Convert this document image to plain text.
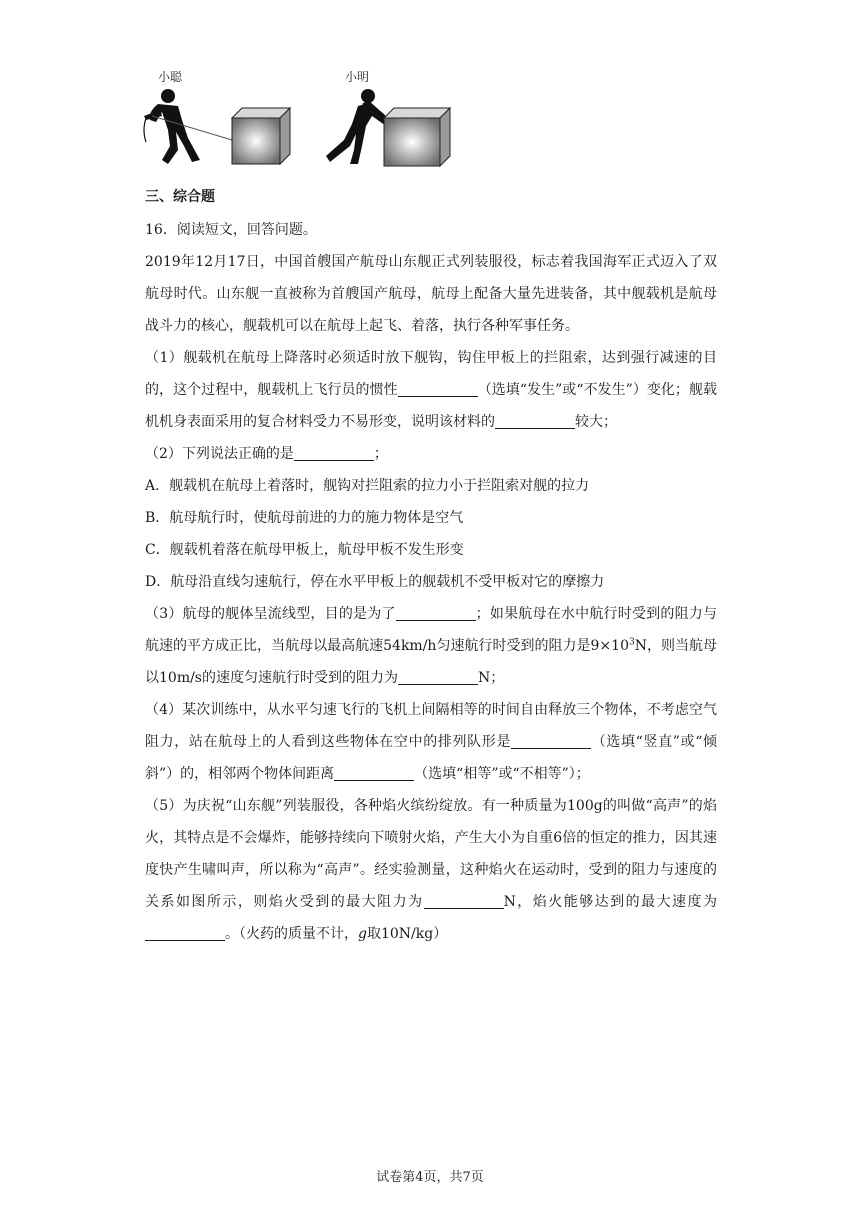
小聪	小明
三、综合题

16．阅读短文，回答问题。

2019年12月17日，中国首艘国产航母山东舰正式列装服役，标志着我国海军正式迈入了双航母时代。山东舰一直被称为首艘国产航母，航母上配备大量先进装备，其中舰载机是航母战斗力的核心，舰载机可以在航母上起飞、着落，执行各种军事任务。

（1）舰载机在航母上降落时必须适时放下舰钩，钩住甲板上的拦阻索，达到强行减速的目的，这个过程中，舰载机上飞行员的惯性	（选填“发生”或“不发生”）变化；舰载机机身表面采用的复合材料受力不易形变，说明该材料的	较大；

（2）下列说法正确的是	；

A．舰载机在航母上着落时，舰钩对拦阻索的拉力小于拦阻索对舰的拉力

B．航母航行时，使航母前进的力的施力物体是空气

C．舰载机着落在航母甲板上，航母甲板不发生形变

D．航母沿直线匀速航行，停在水平甲板上的舰载机不受甲板对它的摩擦力

（3）航母的舰体呈流线型，目的是为了	；如果航母在水中航行时受到的阻力与航速的平方成正比，当航母以最高航速54km/h匀速航行时受到的阻力是$9\times 10^3N$，则当航母以10m/s的速度匀速航行时受到的阻力为	N；

（4）某次训练中，从水平匀速飞行的飞机上间隔相等的时间自由释放三个物体，不考虑空气阻力，站在航母上的人看到这些物体在空中的排列队形是	（选填“竖直”或“倾斜”）的，相邻两个物体间距离	（选填“相等”或“不相等”）；

（5）为庆祝“山东舰”列装服役，各种焰火缤纷绽放。有一种质量为100g的叫做“高声”的焰火，其特点是不会爆炸，能够持续向下喷射火焰，产生大小为自重6倍的恒定的推力，因其速度快产生啸叫声，所以称为“高声”。经实验测量，这种焰火在运动时，受到的阻力与速度的关系如图所示，则焰火受到的最大阻力为	N，焰火能够达到的最大速度为。（火药的质量不计，g取10N/kg）

试卷第4页，共7页
